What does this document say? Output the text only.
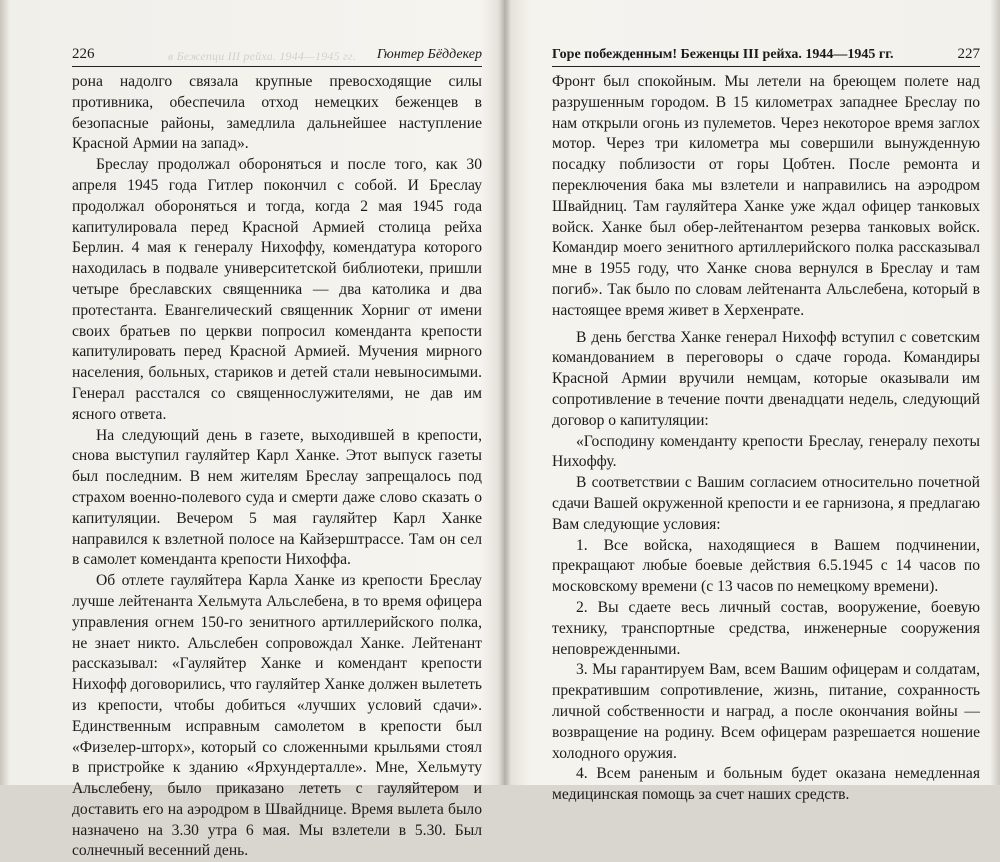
226	Гюнтер Бёддекер
в Бежепци III рейха. 1944—1945 гг.

рона надолго связала крупные превосходящие силы противника, обеспечила отход немецких беженцев в безопасные районы, замедлила дальнейшее наступление Красной Армии на запад».

Бреслау продолжал обороняться и после того, как 30 апреля 1945 года Гитлер покончил с собой. И Бреслау продолжал обороняться и тогда, когда 2 мая 1945 года капитулировала перед Красной Армией столица рейха Берлин. 4 мая к генералу Нихоффу, комендатура которого находилась в подвале университетской библиотеки, пришли четыре бреславских священника — два католика и два протестанта. Евангелический священник Хорниг от имени своих братьев по церкви попросил коменданта крепости капитулировать перед Красной Армией. Мучения мирного населения, больных, стариков и детей стали невыносимыми. Генерал расстался со священнослужителями, не дав им ясного ответа.

На следующий день в газете, выходившей в крепости, снова выступил гауляйтер Карл Ханке. Этот выпуск газеты был последним. В нем жителям Бреслау запрещалось под страхом военно-полевого суда и смерти даже слово сказать о капитуляции. Вечером 5 мая гауляйтер Карл Ханке направился к взлетной полосе на Кайзерштрассе. Там он сел в самолет коменданта крепости Нихоффа.

Об отлете гауляйтера Карла Ханке из крепости Бреслау лучше лейтенанта Хельмута Альслебена, в то время офицера управления огнем 150-го зенитного артиллерийского полка, не знает никто. Альслебен сопровождал Ханке. Лейтенант рассказывал: «Гауляйтер Ханке и комендант крепости Нихофф договорились, что гауляйтер Ханке должен вылететь из крепости, чтобы добиться «лучших условий сдачи». Единственным исправным самолетом в крепости был «Физелер-шторх», который со сложенными крыльями стоял в пристройке к зданию «Ярхундерталле». Мне, Хельмуту Альслебену, было приказано лететь с гауляйтером и доставить его на аэродром в Швайднице. Время вылета было назначено на 3.30 утра 6 мая. Мы взлетели в 5.30. Был солнечный весенний день.

Горе побежденным! Беженцы III рейха. 1944—1945 гг.	227

Фронт был спокойным. Мы летели на бреющем полете над разрушенным городом. В 15 километрах западнее Бреслау по нам открыли огонь из пулеметов. Через некоторое время заглох мотор. Через три километра мы совершили вынужденную посадку поблизости от горы Цобтен. После ремонта и переключения бака мы взлетели и направились на аэродром Швайдниц. Там гауляйтера Ханке уже ждал офицер танковых войск. Ханке был обер-лейтенантом резерва танковых войск. Командир моего зенитного артиллерийского полка рассказывал мне в 1955 году, что Ханке снова вернулся в Бреслау и там погиб». Так было по словам лейтенанта Альслебена, который в настоящее время живет в Херхенрате.

В день бегства Ханке генерал Нихофф вступил с советским командованием в переговоры о сдаче города. Командиры Красной Армии вручили немцам, которые оказывали им сопротивление в течение почти двенадцати недель, следующий договор о капитуляции:

«Господину коменданту крепости Бреслау, генералу пехоты Нихоффу.

В соответствии с Вашим согласием относительно почетной сдачи Вашей окруженной крепости и ее гарнизона, я предлагаю Вам следующие условия:

1. Все войска, находящиеся в Вашем подчинении, прекращают любые боевые действия 6.5.1945 с 14 часов по московскому времени (с 13 часов по немецкому времени).

2. Вы сдаете весь личный состав, вооружение, боевую технику, транспортные средства, инженерные сооружения неповрежденными.

3. Мы гарантируем Вам, всем Вашим офицерам и солдатам, прекратившим сопротивление, жизнь, питание, сохранность личной собственности и наград, а после окончания войны — возвращение на родину. Всем офицерам разрешается ношение холодного оружия.

4. Всем раненым и больным будет оказана немедленная медицинская помощь за счет наших средств.
